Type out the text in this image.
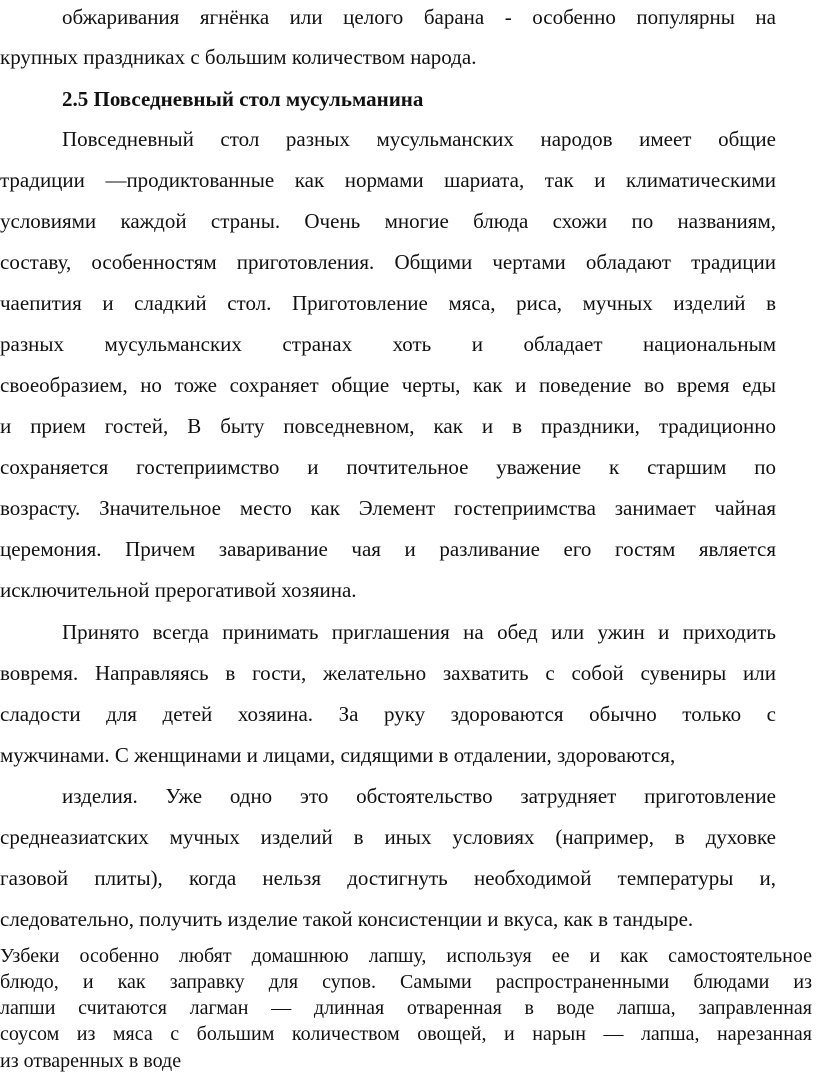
обжаривания ягнёнка или целого барана - особенно популярны на
крупных праздниках с большим количеством народа.
2.5 Повседневный стол мусульманина
Повседневный стол разных мусульманских народов имеет общие
традиции —продиктованные как нормами шариата, так и климатическими
условиями каждой страны. Очень многие блюда схожи по названиям,
составу, особенностям приготовления. Общими чертами обладают традиции
чаепития и сладкий стол. Приготовление мяса, риса, мучных изделий в
разных мусульманских странах хоть и обладает национальным
своеобразием, но тоже сохраняет общие черты, как и поведение во время еды
и прием гостей, В быту повседневном, как и в праздники, традиционно
сохраняется гостеприимство и почтительное уважение к старшим по
возрасту. Значительное место как Элемент гостеприимства занимает чайная
церемония. Причем заваривание чая и разливание его гостям является
исключительной прерогативой хозяина.
Принято всегда принимать приглашения на обед или ужин и приходить
вовремя. Направляясь в гости, желательно захватить с собой сувениры или
сладости для детей хозяина. За руку здороваются обычно только с
мужчинами. С женщинами и лицами, сидящими в отдалении, здороваются,
изделия. Уже одно это обстоятельство затрудняет приготовление
среднеазиатских мучных изделий в иных условиях (например, в духовке
газовой плиты), когда нельзя достигнуть необходимой температуры и,
следовательно, получить изделие такой консистенции и вкуса, как в тандыре.
Узбеки особенно любят домашнюю лапшу, используя ее и как самостоятельное
блюдо, и как заправку для супов. Самыми распространенными блюдами из
лапши считаются лагман — длинная отваренная в воде лапша, заправленная
соусом из мяса с большим количеством овощей, и нарын — лапша, нарезанная
из отваренных в воде
